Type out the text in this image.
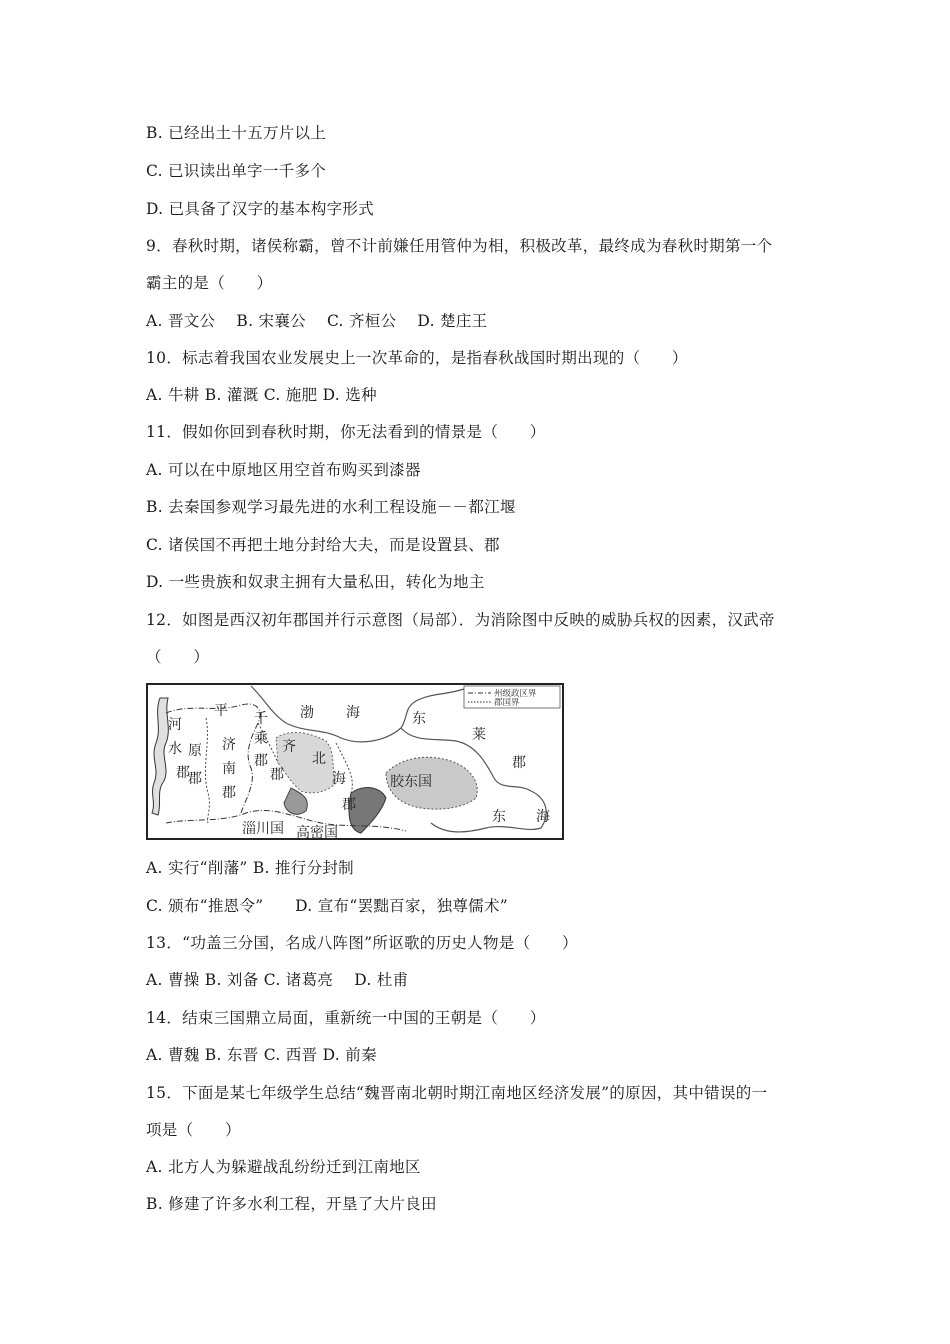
B. 已经出土十五万片以上
C. 已识读出单字一千多个
D. 已具备了汉字的基本构字形式
9．春秋时期，诸侯称霸，曾不计前嫌任用管仲为相，积极改革，最终成为春秋时期第一个
霸主的是（　　）
A. 晋文公　 B. 宋襄公　 C. 齐桓公　 D. 楚庄王
10．标志着我国农业发展史上一次革命的，是指春秋战国时期出现的（　　）
A. 牛耕 B. 灌溉 C. 施肥 D. 选种
11．假如你回到春秋时期，你无法看到的情景是（　　）
A. 可以在中原地区用空首布购买到漆器
B. 去秦国参观学习最先进的水利工程设施－－都江堰
C. 诸侯国不再把土地分封给大夫，而是设置县、郡
D. 一些贵族和奴隶主拥有大量私田，转化为地主
12．如图是西汉初年郡国并行示意图（局部）．为消除图中反映的威胁兵权的因素，汉武帝
（　　）
州级政区界
郡国界
河
水
郡
平
原
郡
济
南
郡
千
乘
郡
齐
郡
北
海
郡
渤 海	东
莱
郡
胶东国
淄川国 高密国
东 海
A. 实行“削藩” B. 推行分封制
C. 颁布“推恩令”　　D. 宣布“罢黜百家，独尊儒术”
13．“功盖三分国，名成八阵图”所讴歌的历史人物是（　　）
A. 曹操 B. 刘备 C. 诸葛亮　 D. 杜甫
14．结束三国鼎立局面，重新统一中国的王朝是（　　）
A. 曹魏 B. 东晋 C. 西晋 D. 前秦
15．下面是某七年级学生总结“魏晋南北朝时期江南地区经济发展”的原因，其中错误的一
项是（　　）
A. 北方人为躲避战乱纷纷迁到江南地区
B. 修建了许多水利工程，开垦了大片良田
